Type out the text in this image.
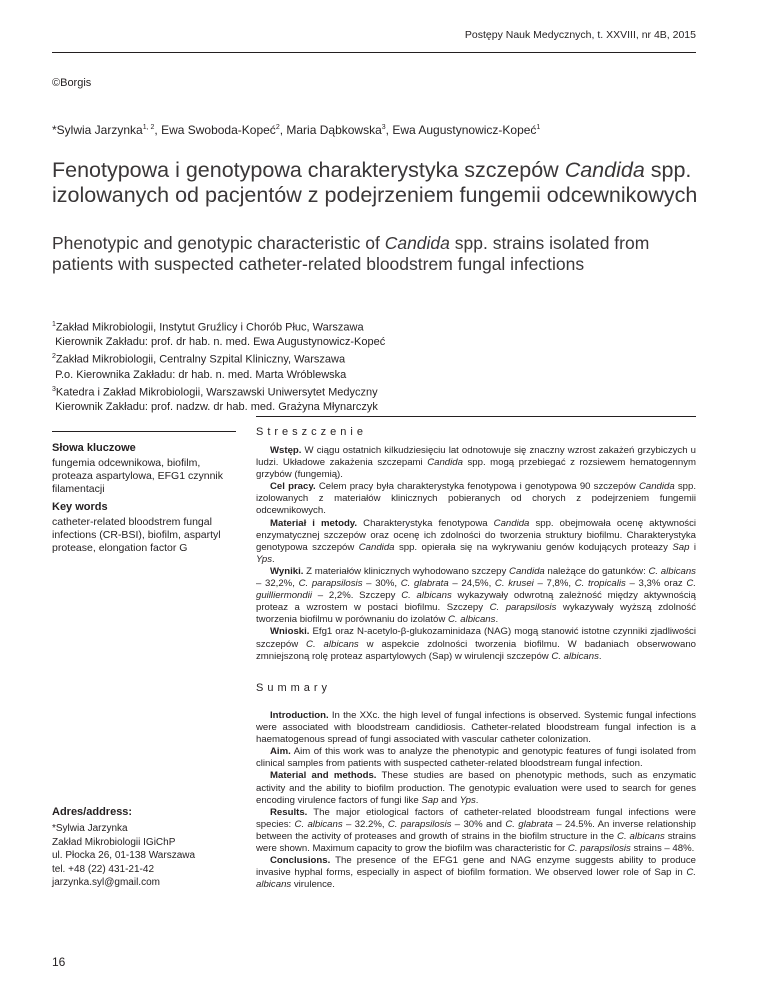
Postępy Nauk Medycznych, t. XXVIII, nr 4B, 2015
©Borgis
*Sylwia Jarzynka$^{1, 2}$, Ewa Swoboda-Kopeć$^2$, Maria Dąbkowska$^3$, Ewa Augustynowicz-Kopeć$^1$
Fenotypowa i genotypowa charakterystyka szczepów Candida spp. izolowanych od pacjentów z podejrzeniem fungemii odcewnikowych
Phenotypic and genotypic characteristic of Candida spp. strains isolated from patients with suspected catheter-related bloodstrem fungal infections

$^1$Zakład Mikrobiologii, Instytut Gruźlicy i Chorób Płuc, Warszawa

Kierownik Zakładu: prof. dr hab. n. med. Ewa Augustynowicz-Kopeć

$^2$Zakład Mikrobiologii, Centralny Szpital Kliniczny, Warszawa

P.o. Kierownika Zakładu: dr hab. n. med. Marta Wróblewska

$^3$Katedra i Zakład Mikrobiologii, Warszawski Uniwersytet Medyczny

Kierownik Zakładu: prof. nadzw. dr hab. med. Grażyna Młynarczyk

Słowa kluczowe
fungemia odcewnikowa, biofilm, proteaza aspartylowa, EFG1 czynnik filamentacji
Key words
catheter-related bloodstrem fungal infections (CR-BSI), biofilm, aspartyl protease, elongation factor G
Streszczenie

Wstęp. W ciągu ostatnich kilkudziesięciu lat odnotowuje się znaczny wzrost zakażeń grzybiczych u ludzi. Układowe zakażenia szczepami Candida spp. mogą przebiegać z rozsiewem hematogennym grzybów (fungemią).

Cel pracy. Celem pracy była charakterystyka fenotypowa i genotypowa 90 szczepów Candida spp. izolowanych z materiałów klinicznych pobieranych od chorych z podejrzeniem fungemii odcewnikowych.

Materiał i metody. Charakterystyka fenotypowa Candida spp. obejmowała ocenę aktywności enzymatycznej szczepów oraz ocenę ich zdolności do tworzenia struktury biofilmu. Charakterystyka genotypowa szczepów Candida spp. opierała się na wykrywaniu genów kodujących proteazy Sap i Yps.

Wyniki. Z materiałów klinicznych wyhodowano szczepy Candida należące do gatunków: C. albicans – 32,2%, C. parapsilosis – 30%, C. glabrata – 24,5%, C. krusei – 7,8%, C. tropicalis – 3,3% oraz C. guilliermondii – 2,2%. Szczepy C. albicans wykazywały odwrotną zależność między aktywnością proteaz a wzrostem w postaci biofilmu. Szczepy C. parapsilosis wykazywały wyższą zdolność tworzenia biofilmu w porównaniu do izolatów C. albicans.

Wnioski. Efg1 oraz N-acetylo-β-glukozaminidaza (NAG) mogą stanowić istotne czynniki zjadliwości szczepów C. albicans w aspekcie zdolności tworzenia biofilmu. W badaniach obserwowano zmniejszoną rolę proteaz aspartylowych (Sap) w wirulencji szczepów C. albicans.

Summary

Introduction. In the XXc. the high level of fungal infections is observed. Systemic fungal infections were associated with bloodstream candidiosis. Catheter-related bloodstream fungal infection is a haematogenous spread of fungi associated with vascular catheter colonization.

Aim. Aim of this work was to analyze the phenotypic and genotypic features of fungi isolated from clinical samples from patients with suspected catheter-related bloodstream fungal infection.

Material and methods. These studies are based on phenotypic methods, such as enzymatic activity and the ability to biofilm production. The genotypic evaluation were used to search for genes encoding virulence factors of fungi like Sap and Yps.

Results. The major etiological factors of catheter-related bloodstream fungal infections were species: C. albicans – 32.2%, C. parapsilosis – 30% and C. glabrata – 24.5%. An inverse relationship between the activity of proteases and growth of strains in the biofilm structure in the C. albicans strains were shown. Maximum capacity to grow the biofilm was characteristic for C. parapsilosis strains – 48%.

Conclusions. The presence of the EFG1 gene and NAG enzyme suggests ability to produce invasive hyphal forms, especially in aspect of biofilm formation. We observed lower role of Sap in C. albicans virulence.

Adres/address:

*Sylwia Jarzynka

Zakład Mikrobiologii IGiChP

ul. Płocka 26, 01-138 Warszawa

tel. +48 (22) 431-21-42

jarzynka.syl@gmail.com

16
